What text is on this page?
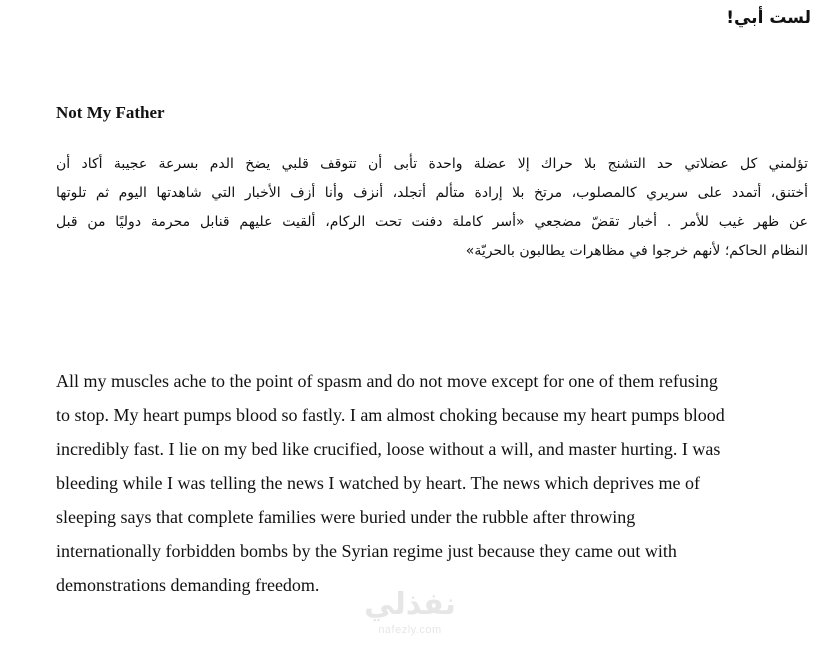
لست أبي!
Not My Father
تؤلمني كل عضلاتي حد التشنج بلا حراك إلا عضلة واحدة تأبى أن تتوقف قلبي يضخ الدم بسرعة عجيبة أكاد أن
أختنق، أتمدد على سريري كالمصلوب، مرتخ بلا إرادة متألم أتجلد، أنزف وأنا أزف الأخبار التي شاهدتها اليوم ثم تلوتها
عن ظهر غيب للأمر . أخبار تقضّ مضجعي «أسر كاملة دفنت تحت الركام، ألقيت عليهم قنابل محرمة دوليًا من قبل
النظام الحاكم؛ لأنهم خرجوا في مظاهرات يطالبون بالحريّة»
All my muscles ache to the point of spasm and do not move except for one of them refusing
to stop. My heart pumps blood so fastly. I am almost choking because my heart pumps blood
incredibly fast. I lie on my bed like crucified, loose without a will, and master hurting. I was
bleeding while I was telling the news I watched by heart. The news which deprives me of
sleeping says that complete families were buried under the rubble after throwing
internationally forbidden bombs by the Syrian regime just because they came out with
demonstrations demanding freedom.
نفذلي
nafezly.com
